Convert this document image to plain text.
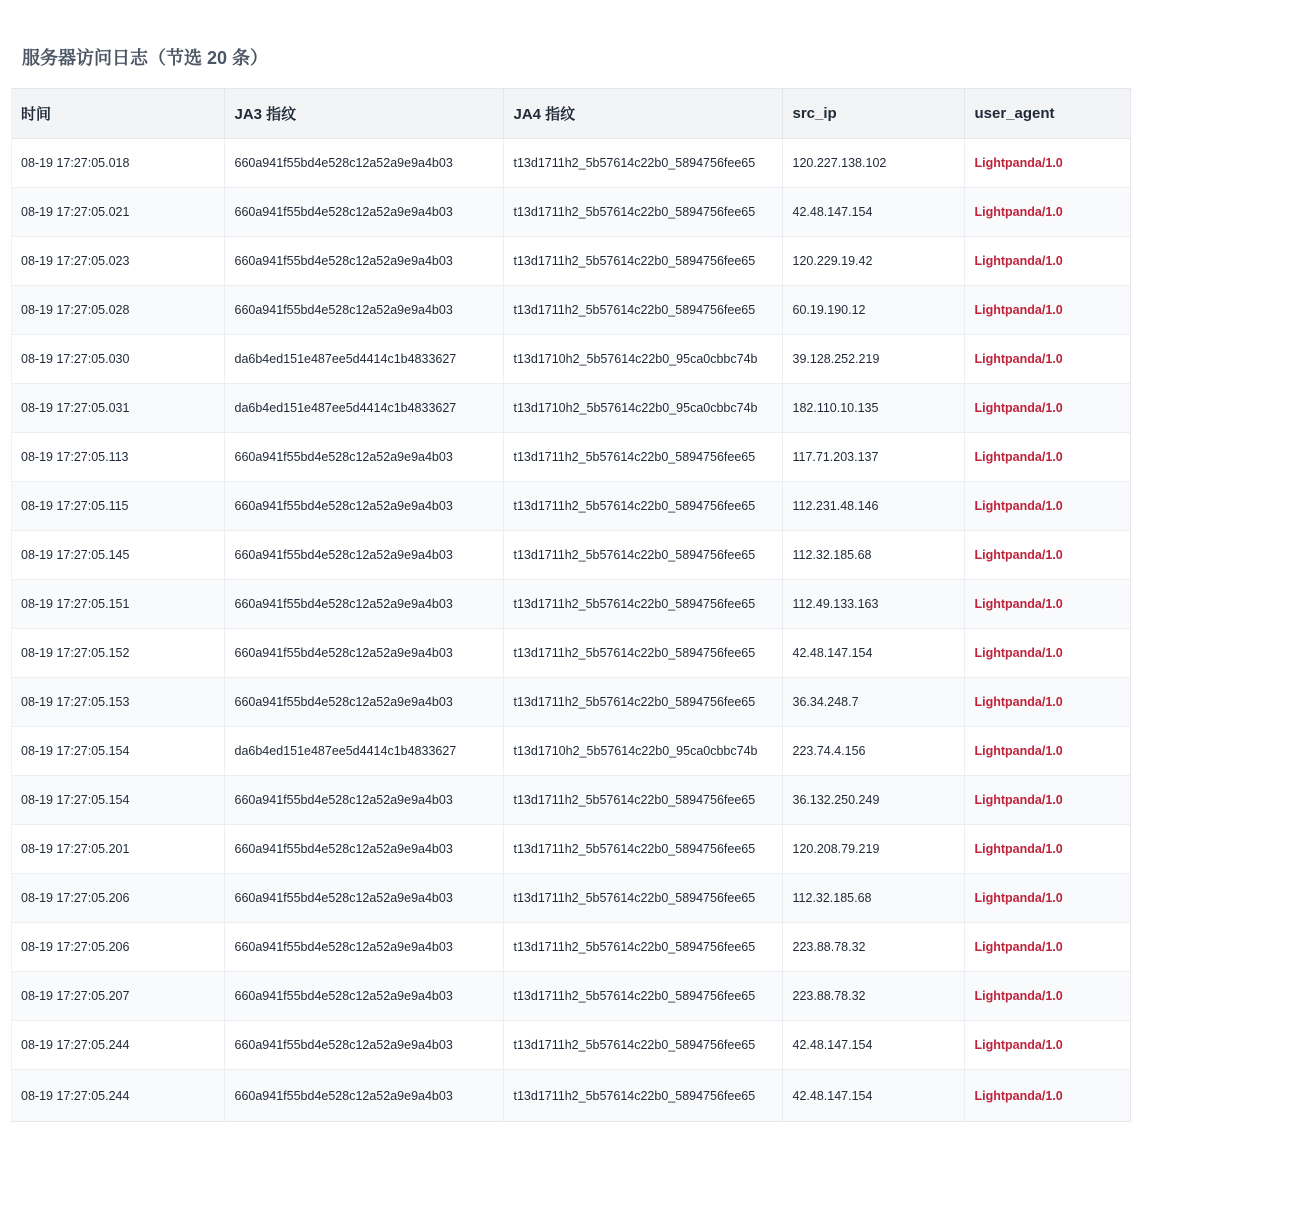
服务器访问日志（节选 20 条）
时间	JA3 指纹	JA4 指纹	src_ip	user_agent
08-19 17:27:05.018	660a941f55bd4e528c12a52a9e9a4b03	t13d1711h2_5b57614c22b0_5894756fee65	120.227.138.102	Lightpanda/1.0
08-19 17:27:05.021	660a941f55bd4e528c12a52a9e9a4b03	t13d1711h2_5b57614c22b0_5894756fee65	42.48.147.154	Lightpanda/1.0
08-19 17:27:05.023	660a941f55bd4e528c12a52a9e9a4b03	t13d1711h2_5b57614c22b0_5894756fee65	120.229.19.42	Lightpanda/1.0
08-19 17:27:05.028	660a941f55bd4e528c12a52a9e9a4b03	t13d1711h2_5b57614c22b0_5894756fee65	60.19.190.12	Lightpanda/1.0
08-19 17:27:05.030	da6b4ed151e487ee5d4414c1b4833627	t13d1710h2_5b57614c22b0_95ca0cbbc74b	39.128.252.219	Lightpanda/1.0
08-19 17:27:05.031	da6b4ed151e487ee5d4414c1b4833627	t13d1710h2_5b57614c22b0_95ca0cbbc74b	182.110.10.135	Lightpanda/1.0
08-19 17:27:05.113	660a941f55bd4e528c12a52a9e9a4b03	t13d1711h2_5b57614c22b0_5894756fee65	117.71.203.137	Lightpanda/1.0
08-19 17:27:05.115	660a941f55bd4e528c12a52a9e9a4b03	t13d1711h2_5b57614c22b0_5894756fee65	112.231.48.146	Lightpanda/1.0
08-19 17:27:05.145	660a941f55bd4e528c12a52a9e9a4b03	t13d1711h2_5b57614c22b0_5894756fee65	112.32.185.68	Lightpanda/1.0
08-19 17:27:05.151	660a941f55bd4e528c12a52a9e9a4b03	t13d1711h2_5b57614c22b0_5894756fee65	112.49.133.163	Lightpanda/1.0
08-19 17:27:05.152	660a941f55bd4e528c12a52a9e9a4b03	t13d1711h2_5b57614c22b0_5894756fee65	42.48.147.154	Lightpanda/1.0
08-19 17:27:05.153	660a941f55bd4e528c12a52a9e9a4b03	t13d1711h2_5b57614c22b0_5894756fee65	36.34.248.7	Lightpanda/1.0
08-19 17:27:05.154	da6b4ed151e487ee5d4414c1b4833627	t13d1710h2_5b57614c22b0_95ca0cbbc74b	223.74.4.156	Lightpanda/1.0
08-19 17:27:05.154	660a941f55bd4e528c12a52a9e9a4b03	t13d1711h2_5b57614c22b0_5894756fee65	36.132.250.249	Lightpanda/1.0
08-19 17:27:05.201	660a941f55bd4e528c12a52a9e9a4b03	t13d1711h2_5b57614c22b0_5894756fee65	120.208.79.219	Lightpanda/1.0
08-19 17:27:05.206	660a941f55bd4e528c12a52a9e9a4b03	t13d1711h2_5b57614c22b0_5894756fee65	112.32.185.68	Lightpanda/1.0
08-19 17:27:05.206	660a941f55bd4e528c12a52a9e9a4b03	t13d1711h2_5b57614c22b0_5894756fee65	223.88.78.32	Lightpanda/1.0
08-19 17:27:05.207	660a941f55bd4e528c12a52a9e9a4b03	t13d1711h2_5b57614c22b0_5894756fee65	223.88.78.32	Lightpanda/1.0
08-19 17:27:05.244	660a941f55bd4e528c12a52a9e9a4b03	t13d1711h2_5b57614c22b0_5894756fee65	42.48.147.154	Lightpanda/1.0
08-19 17:27:05.244	660a941f55bd4e528c12a52a9e9a4b03	t13d1711h2_5b57614c22b0_5894756fee65	42.48.147.154	Lightpanda/1.0
